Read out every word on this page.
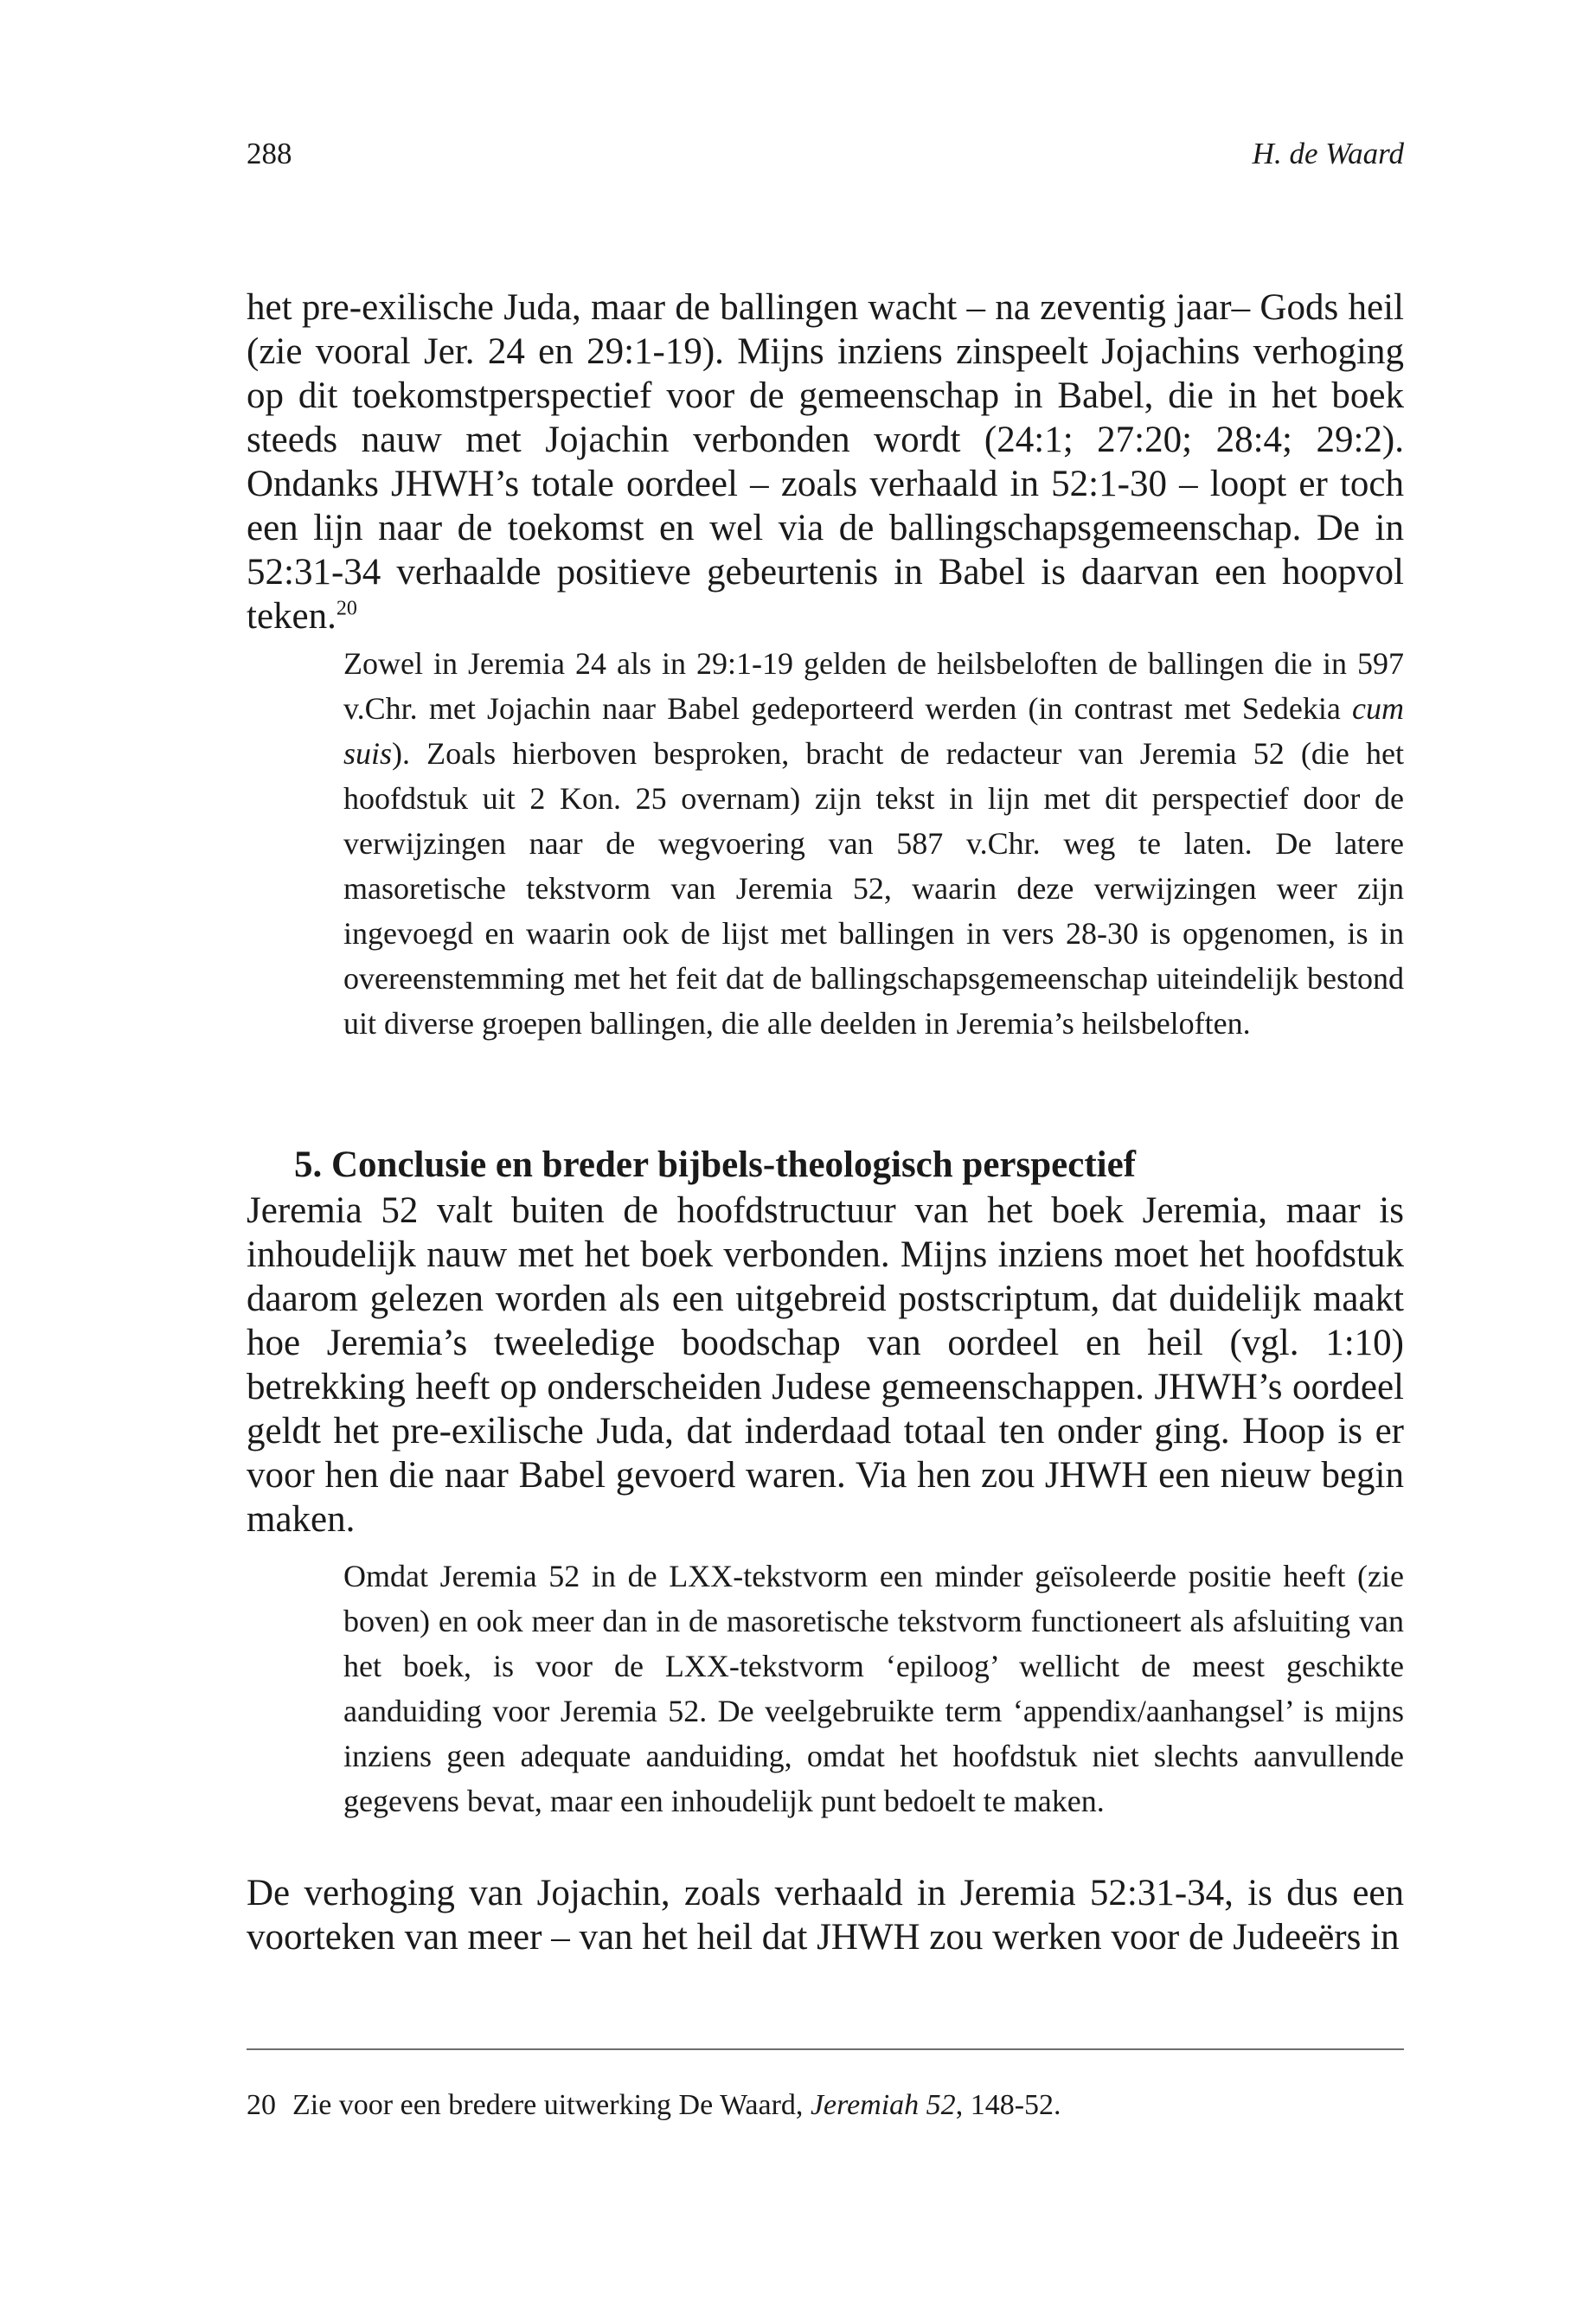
288	H. de Waard

het pre-exilische Juda, maar de ballingen wacht – na zeventig jaar– Gods heil (zie vooral Jer. 24 en 29:1-19). Mijns inziens zinspeelt Jojachins verhoging op dit toekomstperspectief voor de gemeenschap in Babel, die in het boek steeds nauw met Jojachin verbonden wordt (24:1; 27:20; 28:4; 29:2). Ondanks JHWH’s totale oordeel – zoals verhaald in 52:1-30 – loopt er toch een lijn naar de toekomst en wel via de ballingschapsgemeenschap. De in 52:31-34 verhaalde positieve gebeurtenis in Babel is daarvan een hoopvol teken.$^{20}$

Zowel in Jeremia 24 als in 29:1-19 gelden de heilsbeloften de ballingen die in 597 v.Chr. met Jojachin naar Babel gedeporteerd werden (in contrast met Sedekia cum suis). Zoals hierboven besproken, bracht de redacteur van Jeremia 52 (die het hoofdstuk uit 2 Kon. 25 overnam) zijn tekst in lijn met dit perspectief door de verwijzingen naar de wegvoering van 587 v.Chr. weg te laten. De latere masoretische tekstvorm van Jeremia 52, waarin deze verwijzingen weer zijn ingevoegd en waarin ook de lijst met ballingen in vers 28-30 is opgenomen, is in overeenstemming met het feit dat de ballingschapsgemeenschap uiteindelijk bestond uit diverse groepen ballingen, die alle deelden in Jeremia’s heilsbeloften.

5. Conclusie en breder bijbels-theologisch perspectief

Jeremia 52 valt buiten de hoofdstructuur van het boek Jeremia, maar is inhoudelijk nauw met het boek verbonden. Mijns inziens moet het hoofdstuk daarom gelezen worden als een uitgebreid postscriptum, dat duidelijk maakt hoe Jeremia’s tweeledige boodschap van oordeel en heil (vgl. 1:10) betrekking heeft op onderscheiden Judese gemeenschappen. JHWH’s oordeel geldt het pre-exilische Juda, dat inderdaad totaal ten onder ging. Hoop is er voor hen die naar Babel gevoerd waren. Via hen zou JHWH een nieuw begin maken.

Omdat Jeremia 52 in de LXX-tekstvorm een minder geïsoleerde positie heeft (zie boven) en ook meer dan in de masoretische tekstvorm functioneert als afsluiting van het boek, is voor de LXX-tekstvorm ‘epiloog’ wellicht de meest geschikte aanduiding voor Jeremia 52. De veelgebruikte term ‘appendix/aanhangsel’ is mijns inziens geen adequate aanduiding, omdat het hoofdstuk niet slechts aanvullende gegevens bevat, maar een inhoudelijk punt bedoelt te maken.

De verhoging van Jojachin, zoals verhaald in Jeremia 52:31-34, is dus een voorteken van meer – van het heil dat JHWH zou werken voor de Judeeërs in

20 Zie voor een bredere uitwerking De Waard, Jeremiah 52, 148-52.
